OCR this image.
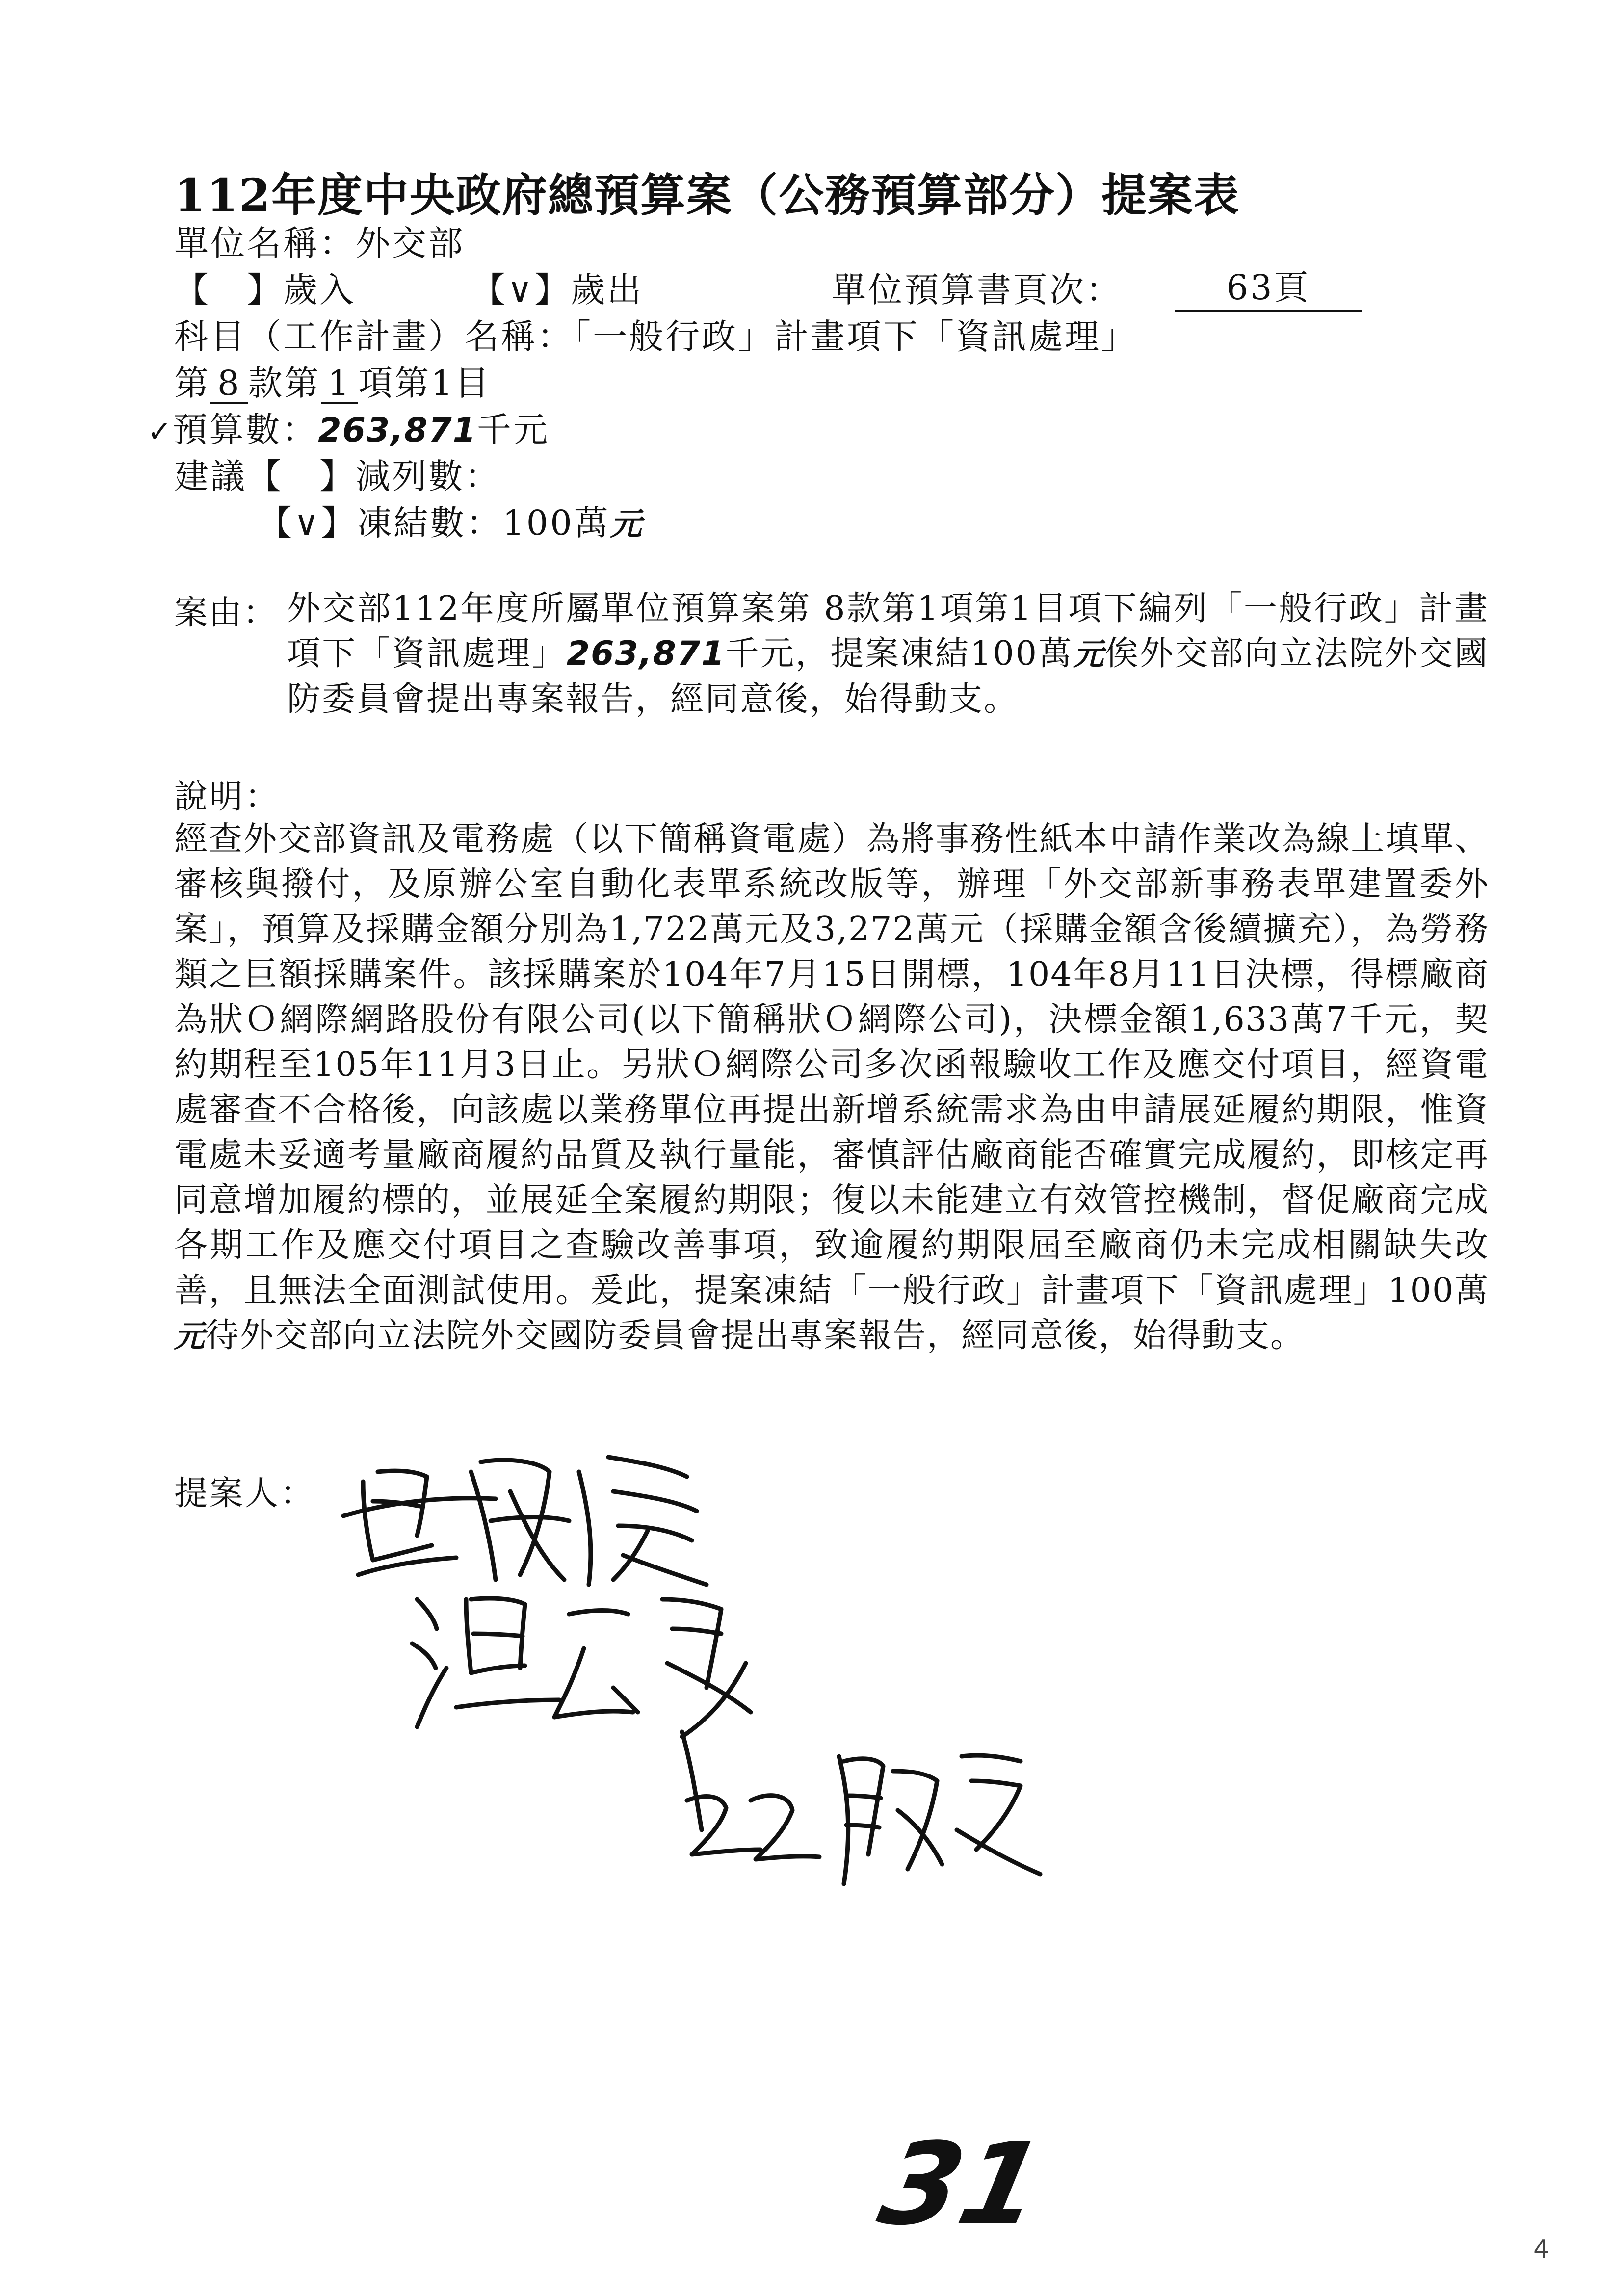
112年度中央政府總預算案（公務預算部分）提案表
單位名稱：外交部
【　】歲入	【∨】歲出	單位預算書頁次：	63頁
科目（工作計畫）名稱：「一般行政」計畫項下「資訊處理」
第 8 款第 1 項第1目
✓預算數：263,871千元
建議【　】減列數：
【∨】凍結數：100萬元
案由： 外交部112年度所屬單位預算案第 8款第1項第1目項下編列「一般行政」計畫項下「資訊處理」263,871千元，提案凍結100萬元俟外交部向立法院外交國防委員會提出專案報告，經同意後，始得動支。
說明：

經查外交部資訊及電務處（以下簡稱資電處）為將事務性紙本申請作業改為線上填單、審核與撥付，及原辦公室自動化表單系統改版等，辦理「外交部新事務表單建置委外案」，預算及採購金額分別為1,722萬元及3,272萬元（採購金額含後續擴充），為勞務類之巨額採購案件。該採購案於104年7月15日開標，104年8月11日決標，得標廠商為狀Ｏ網際網路股份有限公司(以下簡稱狀Ｏ網際公司)，決標金額1,633萬7千元，契約期程至105年11月3日止。另狀Ｏ網際公司多次函報驗收工作及應交付項目，經資電處審查不合格後，向該處以業務單位再提出新增系統需求為由申請展延履約期限，惟資電處未妥適考量廠商履約品質及執行量能，審慎評估廠商能否確實完成履約，即核定再同意增加履約標的，並展延全案履約期限；復以未能建立有效管控機制，督促廠商完成各期工作及應交付項目之查驗改善事項，致逾履約期限屆至廠商仍未完成相關缺失改善，且無法全面測試使用。爰此，提案凍結「一般行政」計畫項下「資訊處理」100萬元待外交部向立法院外交國防委員會提出專案報告，經同意後，始得動支。

提案人：
31	4
